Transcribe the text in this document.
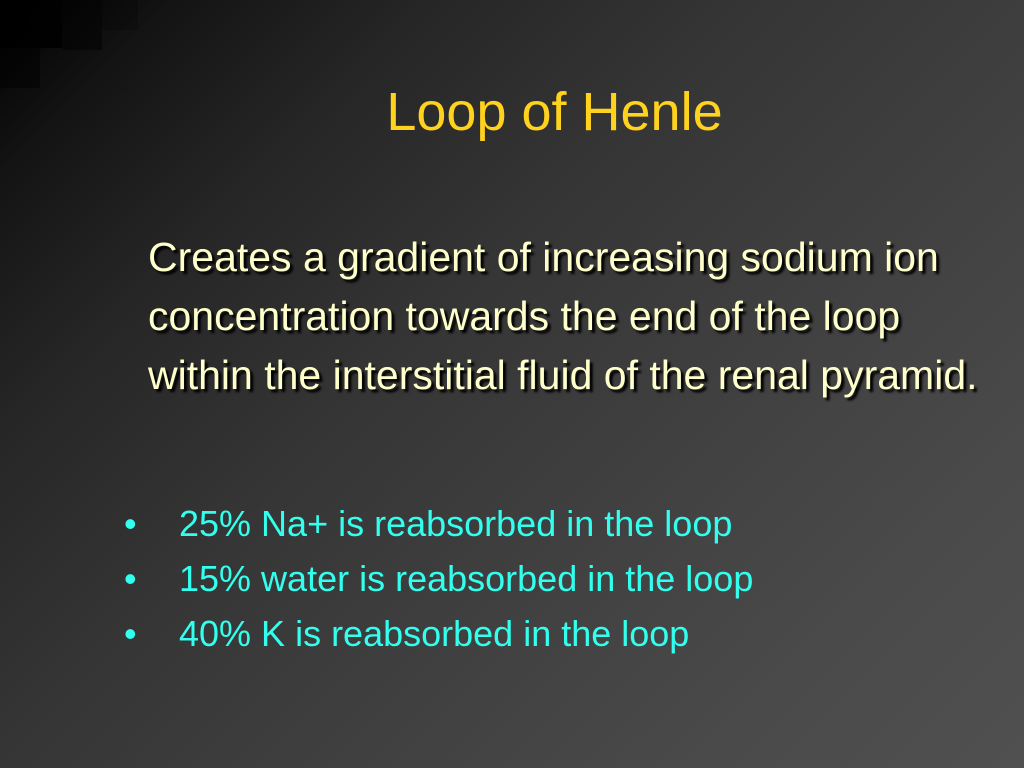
Loop of Henle

Creates a gradient of increasing sodium ion concentration towards the end of the loop within the interstitial fluid of the renal pyramid.

• 25% Na+ is reabsorbed in the loop
• 15% water is reabsorbed in the loop
• 40% K is reabsorbed in the loop
